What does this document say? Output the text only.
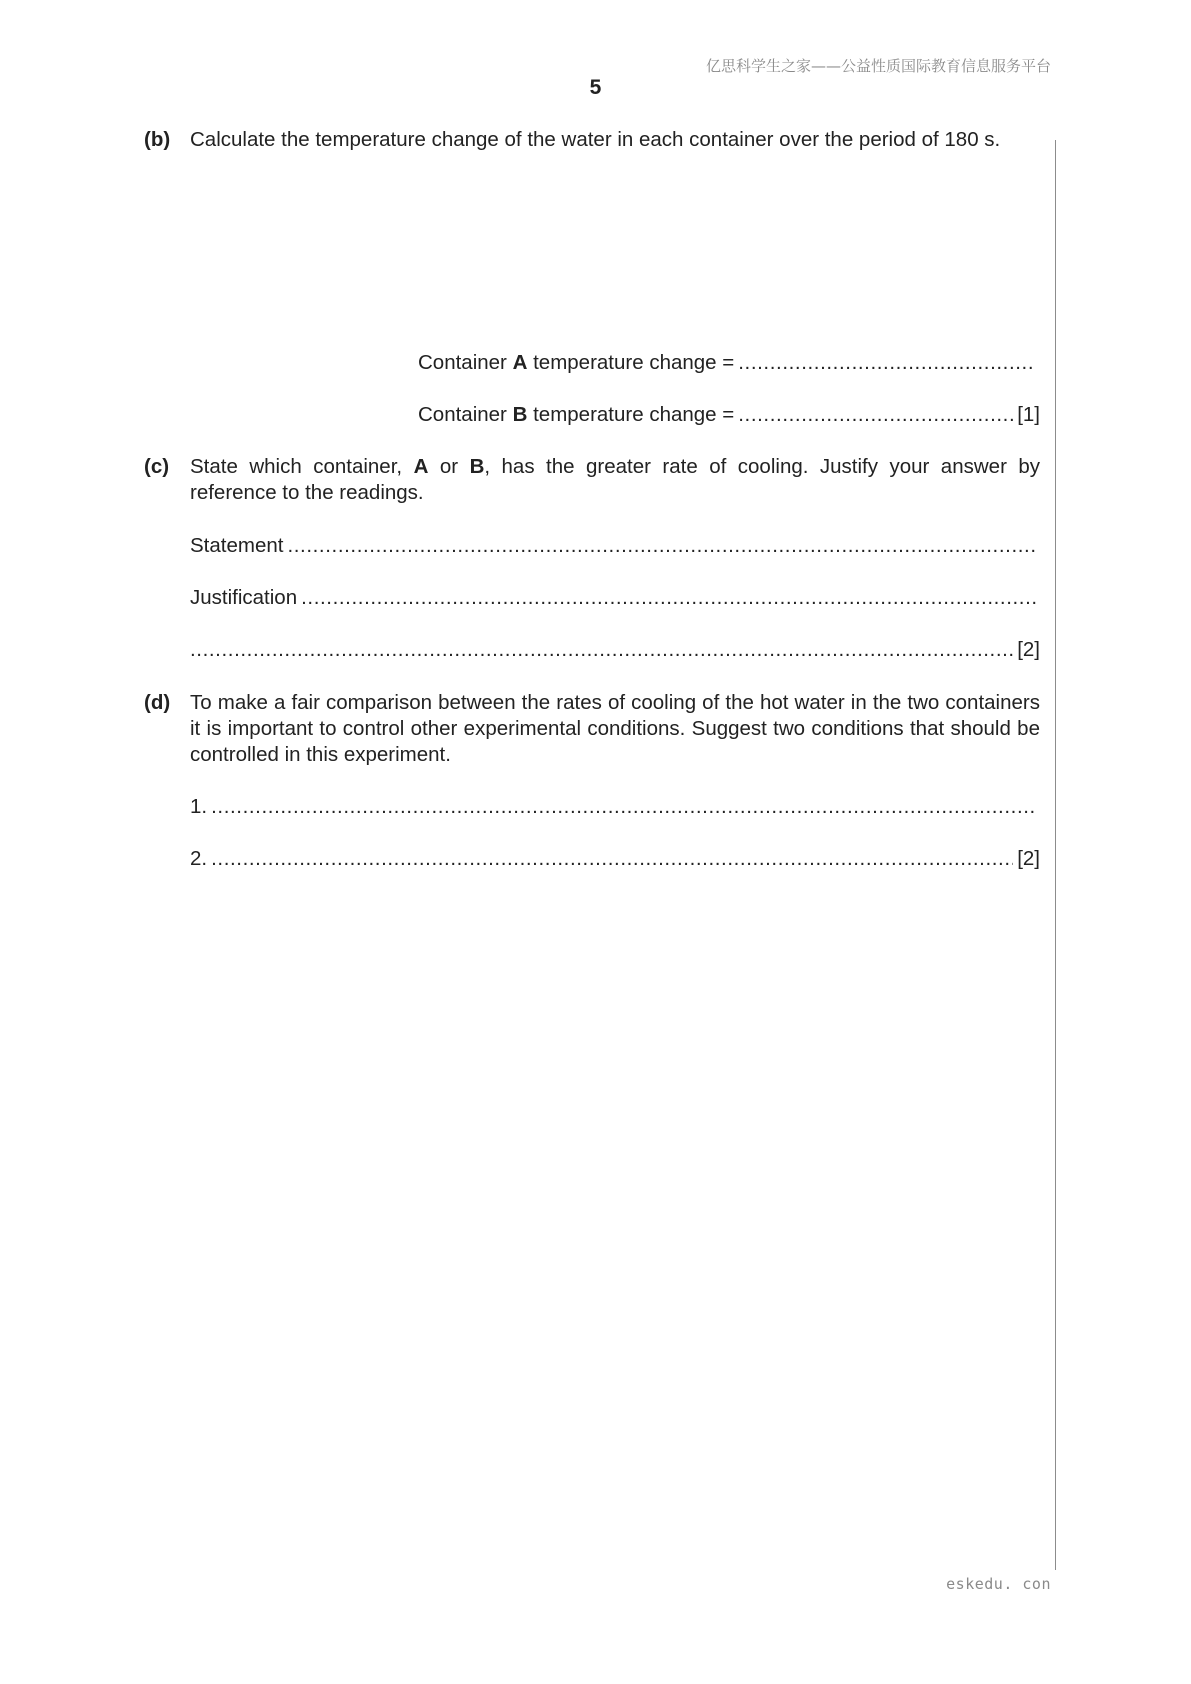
亿思科学生之家——公益性质国际教育信息服务平台
5
(b) Calculate the temperature change of the water in each container over the period of 180 s.
Container A temperature change =
.....
Container B temperature change = .....	[1]
(c) State which container, A or B, has the greater rate of cooling. Justify your answer by reference to the readings.
Statement
.....
Justification
.....
.....
[2]
(d) To make a fair comparison between the rates of cooling of the hot water in the two containers it is important to control other experimental conditions. Suggest two conditions that should be controlled in this experiment.
1.
.....
2. .....	[2]
eskedu. con
